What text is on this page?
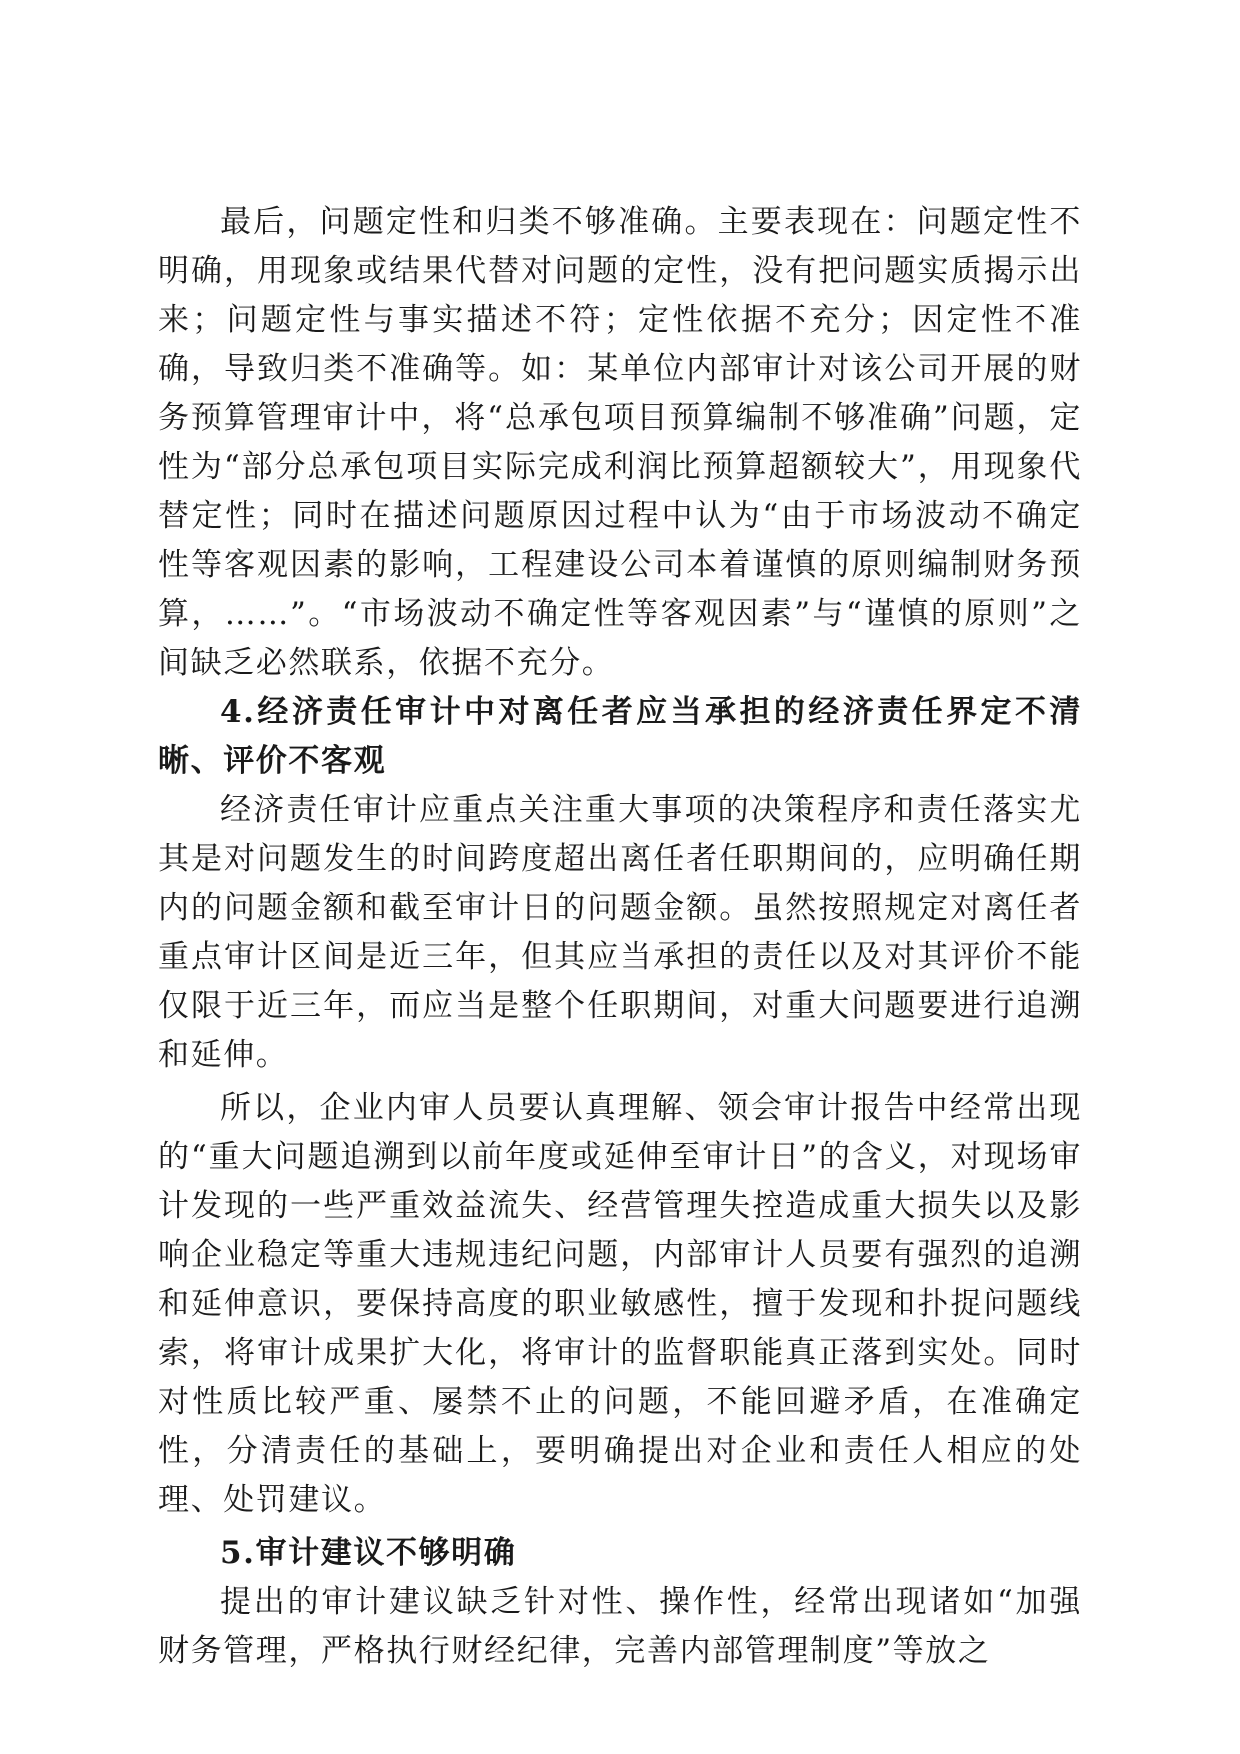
最后，问题定性和归类不够准确。主要表现在：问题定性不明确，用现象或结果代替对问题的定性，没有把问题实质揭示出来；问题定性与事实描述不符；定性依据不充分；因定性不准确，导致归类不准确等。如：某单位内部审计对该公司开展的财务预算管理审计中，将“总承包项目预算编制不够准确”问题，定性为“部分总承包项目实际完成利润比预算超额较大”，用现象代替定性；同时在描述问题原因过程中认为“由于市场波动不确定性等客观因素的影响，工程建设公司本着谨慎的原则编制财务预算，……”。“市场波动不确定性等客观因素”与“谨慎的原则”之间缺乏必然联系，依据不充分。

4.经济责任审计中对离任者应当承担的经济责任界定不清晰、评价不客观

经济责任审计应重点关注重大事项的决策程序和责任落实尤其是对问题发生的时间跨度超出离任者任职期间的，应明确任期内的问题金额和截至审计日的问题金额。虽然按照规定对离任者重点审计区间是近三年，但其应当承担的责任以及对其评价不能仅限于近三年，而应当是整个任职期间，对重大问题要进行追溯和延伸。

所以，企业内审人员要认真理解、领会审计报告中经常出现的“重大问题追溯到以前年度或延伸至审计日”的含义，对现场审计发现的一些严重效益流失、经营管理失控造成重大损失以及影响企业稳定等重大违规违纪问题，内部审计人员要有强烈的追溯和延伸意识，要保持高度的职业敏感性，擅于发现和扑捉问题线索，将审计成果扩大化，将审计的监督职能真正落到实处。同时对性质比较严重、屡禁不止的问题，不能回避矛盾，在准确定性，分清责任的基础上，要明确提出对企业和责任人相应的处理、处罚建议。

5.审计建议不够明确

提出的审计建议缺乏针对性、操作性，经常出现诸如“加强财务管理，严格执行财经纪律，完善内部管理制度”等放之
